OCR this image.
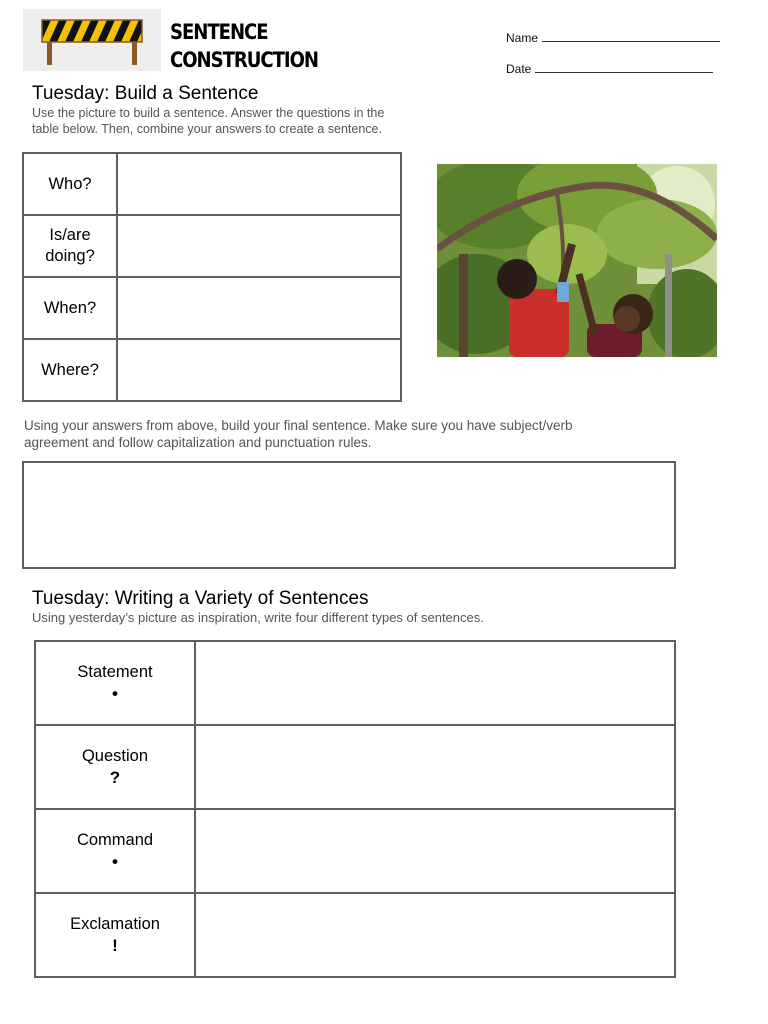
SENTENCE
CONSTRUCTION
Name
Date
Tuesday: Build a Sentence
Use the picture to build a sentence. Answer the questions in the table below. Then, combine your answers to create a sentence.
Who?	
Is/are doing?	
When?	
Where?	
Using your answers from above, build your final sentence. Make sure you have subject/verb agreement and follow capitalization and punctuation rules.
Tuesday: Writing a Variety of Sentences
Using yesterday’s picture as inspiration, write four different types of sentences.
Statement
•	

Question
?	

Command
•	

Exclamation
!	
